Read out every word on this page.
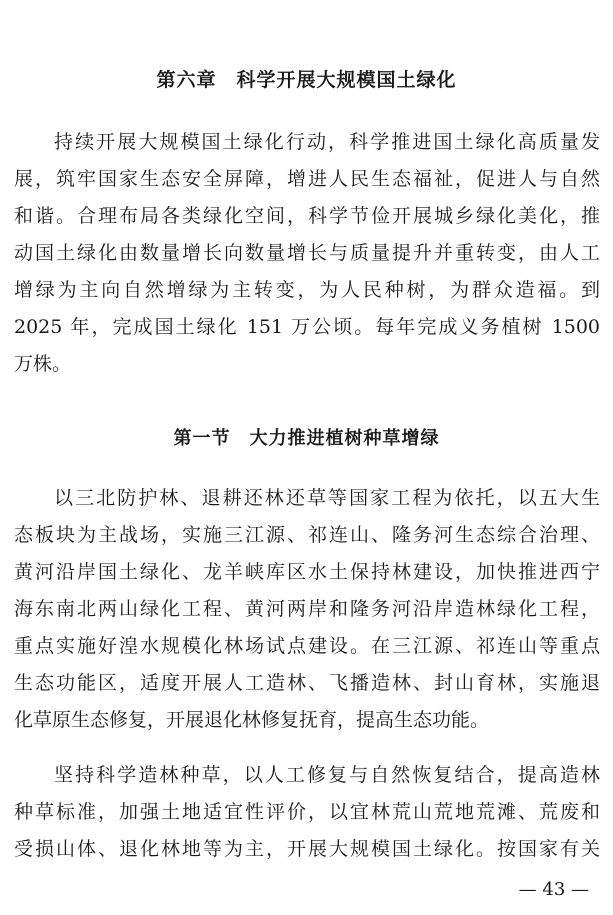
第六章　科学开展大规模国土绿化
持续开展大规模国土绿化行动，科学推进国土绿化高质量发
展，筑牢国家生态安全屏障，增进人民生态福祉，促进人与自然
和谐。合理布局各类绿化空间，科学节俭开展城乡绿化美化，推
动国土绿化由数量增长向数量增长与质量提升并重转变，由人工
增绿为主向自然增绿为主转变，为人民种树，为群众造福。到
2025 年，完成国土绿化 151 万公顷。每年完成义务植树 1500
万株。
第一节　大力推进植树种草增绿
以三北防护林、退耕还林还草等国家工程为依托，以五大生
态板块为主战场，实施三江源、祁连山、隆务河生态综合治理、
黄河沿岸国土绿化、龙羊峡库区水土保持林建设，加快推进西宁
海东南北两山绿化工程、黄河两岸和隆务河沿岸造林绿化工程，
重点实施好湟水规模化林场试点建设。在三江源、祁连山等重点
生态功能区，适度开展人工造林、飞播造林、封山育林，实施退
化草原生态修复，开展退化林修复抚育，提高生态功能。
坚持科学造林种草，以人工修复与自然恢复结合，提高造林
种草标准，加强土地适宜性评价，以宜林荒山荒地荒滩、荒废和
受损山体、退化林地等为主，开展大规模国土绿化。按国家有关
— 43 —
